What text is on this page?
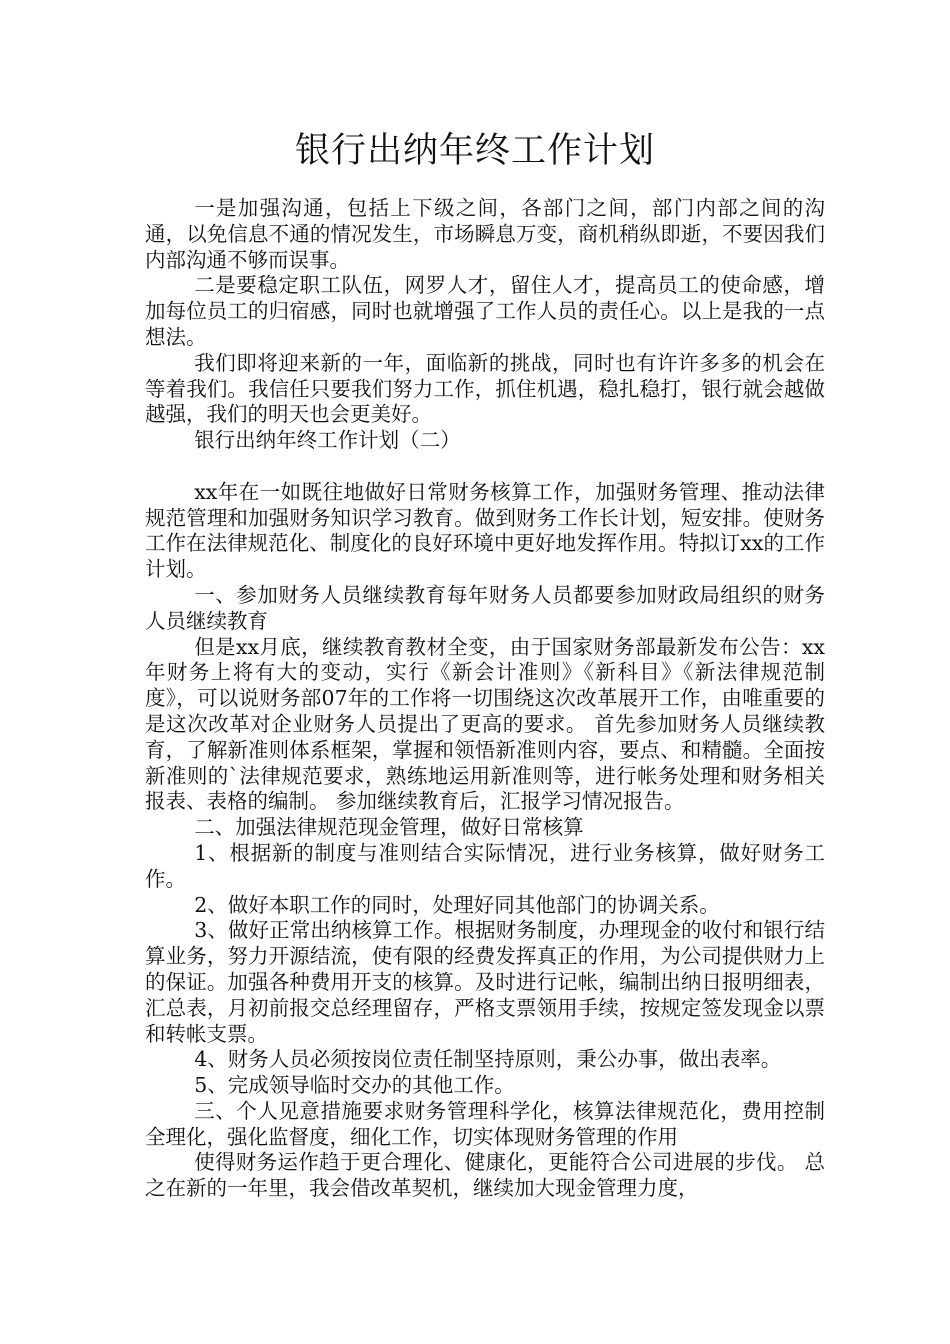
银行出纳年终工作计划

一是加强沟通，包括上下级之间，各部门之间，部门内部之间的沟通，以免信息不通的情况发生，市场瞬息万变，商机稍纵即逝，不要因我们内部沟通不够而误事。

二是要稳定职工队伍，网罗人才，留住人才，提高员工的使命感，增加每位员工的归宿感，同时也就增强了工作人员的责任心。以上是我的一点想法。

我们即将迎来新的一年，面临新的挑战，同时也有许许多多的机会在等着我们。我信任只要我们努力工作，抓住机遇，稳扎稳打，银行就会越做越强，我们的明天也会更美好。

银行出纳年终工作计划（二）

xx年在一如既往地做好日常财务核算工作，加强财务管理、推动法律规范管理和加强财务知识学习教育。做到财务工作长计划，短安排。使财务工作在法律规范化、制度化的良好环境中更好地发挥作用。特拟订xx的工作计划。

一、参加财务人员继续教育每年财务人员都要参加财政局组织的财务人员继续教育

但是xx月底，继续教育教材全变，由于国家财务部最新发布公告：xx年财务上将有大的变动，实行《新会计准则》《新科目》《新法律规范制度》，可以说财务部07年的工作将一切围绕这次改革展开工作，由唯重要的是这次改革对企业财务人员提出了更高的要求。 首先参加财务人员继续教育，了解新准则体系框架，掌握和领悟新准则内容，要点、和精髓。全面按新准则的`法律规范要求，熟练地运用新准则等，进行帐务处理和财务相关报表、表格的编制。 参加继续教育后，汇报学习情况报告。

二、加强法律规范现金管理，做好日常核算

1、根据新的制度与准则结合实际情况，进行业务核算，做好财务工作。

2、做好本职工作的同时，处理好同其他部门的协调关系。

3、做好正常出纳核算工作。根据财务制度，办理现金的收付和银行结算业务，努力开源结流，使有限的经费发挥真正的作用，为公司提供财力上的保证。加强各种费用开支的核算。及时进行记帐，编制出纳日报明细表，汇总表，月初前报交总经理留存，严格支票领用手续，按规定签发现金以票和转帐支票。

4、财务人员必须按岗位责任制坚持原则，秉公办事，做出表率。

5、完成领导临时交办的其他工作。

三、个人见意措施要求财务管理科学化，核算法律规范化，费用控制全理化，强化监督度，细化工作，切实体现财务管理的作用

使得财务运作趋于更合理化、健康化，更能符合公司进展的步伐。 总之在新的一年里，我会借改革契机，继续加大现金管理力度，
